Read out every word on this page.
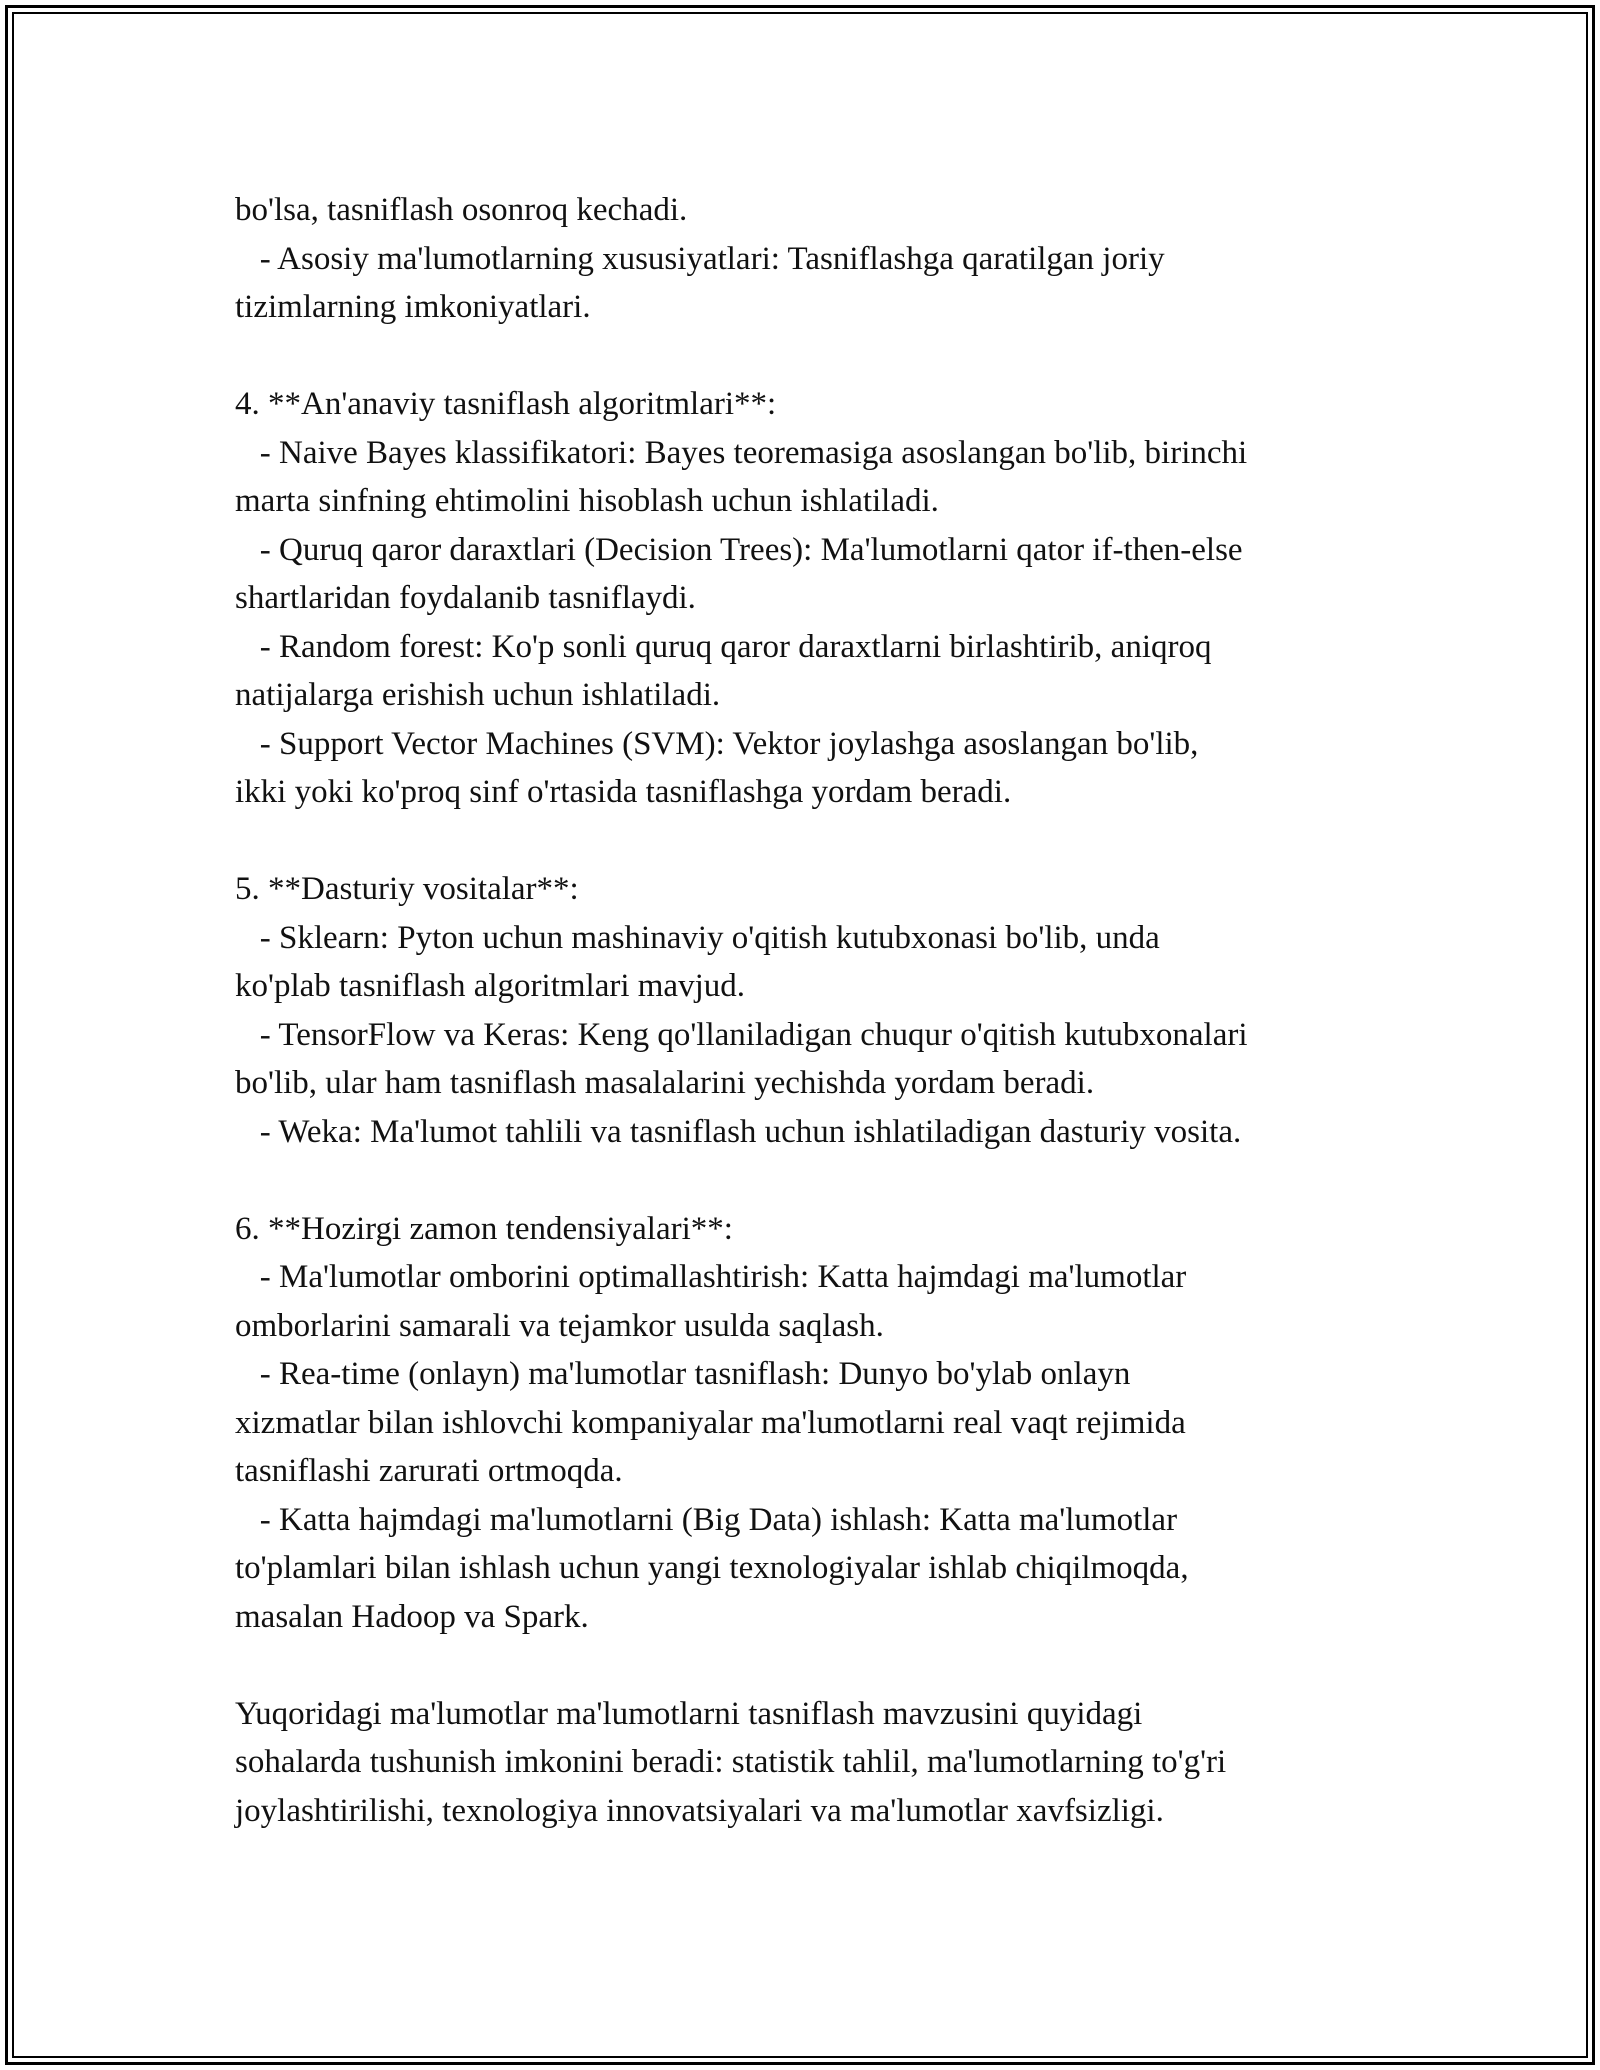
bo'lsa, tasniflash osonroq kechadi.
- Asosiy ma'lumotlarning xususiyatlari: Tasniflashga qaratilgan joriy
tizimlarning imkoniyatlari.
4. **An'anaviy tasniflash algoritmlari**:
- Naive Bayes klassifikatori: Bayes teoremasiga asoslangan bo'lib, birinchi
marta sinfning ehtimolini hisoblash uchun ishlatiladi.
- Quruq qaror daraxtlari (Decision Trees): Ma'lumotlarni qator if-then-else
shartlaridan foydalanib tasniflaydi.
- Random forest: Ko'p sonli quruq qaror daraxtlarni birlashtirib, aniqroq
natijalarga erishish uchun ishlatiladi.
- Support Vector Machines (SVM): Vektor joylashga asoslangan bo'lib,
ikki yoki ko'proq sinf o'rtasida tasniflashga yordam beradi.
5. **Dasturiy vositalar**:
- Sklearn: Pyton uchun mashinaviy o'qitish kutubxonasi bo'lib, unda
ko'plab tasniflash algoritmlari mavjud.
- TensorFlow va Keras: Keng qo'llaniladigan chuqur o'qitish kutubxonalari
bo'lib, ular ham tasniflash masalalarini yechishda yordam beradi.
- Weka: Ma'lumot tahlili va tasniflash uchun ishlatiladigan dasturiy vosita.
6. **Hozirgi zamon tendensiyalari**:
- Ma'lumotlar omborini optimallashtirish: Katta hajmdagi ma'lumotlar
omborlarini samarali va tejamkor usulda saqlash.
- Rea-time (onlayn) ma'lumotlar tasniflash: Dunyo bo'ylab onlayn
xizmatlar bilan ishlovchi kompaniyalar ma'lumotlarni real vaqt rejimida
tasniflashi zarurati ortmoqda.
- Katta hajmdagi ma'lumotlarni (Big Data) ishlash: Katta ma'lumotlar
to'plamlari bilan ishlash uchun yangi texnologiyalar ishlab chiqilmoqda,
masalan Hadoop va Spark.
Yuqoridagi ma'lumotlar ma'lumotlarni tasniflash mavzusini quyidagi
sohalarda tushunish imkonini beradi: statistik tahlil, ma'lumotlarning to'g'ri
joylashtirilishi, texnologiya innovatsiyalari va ma'lumotlar xavfsizligi.
